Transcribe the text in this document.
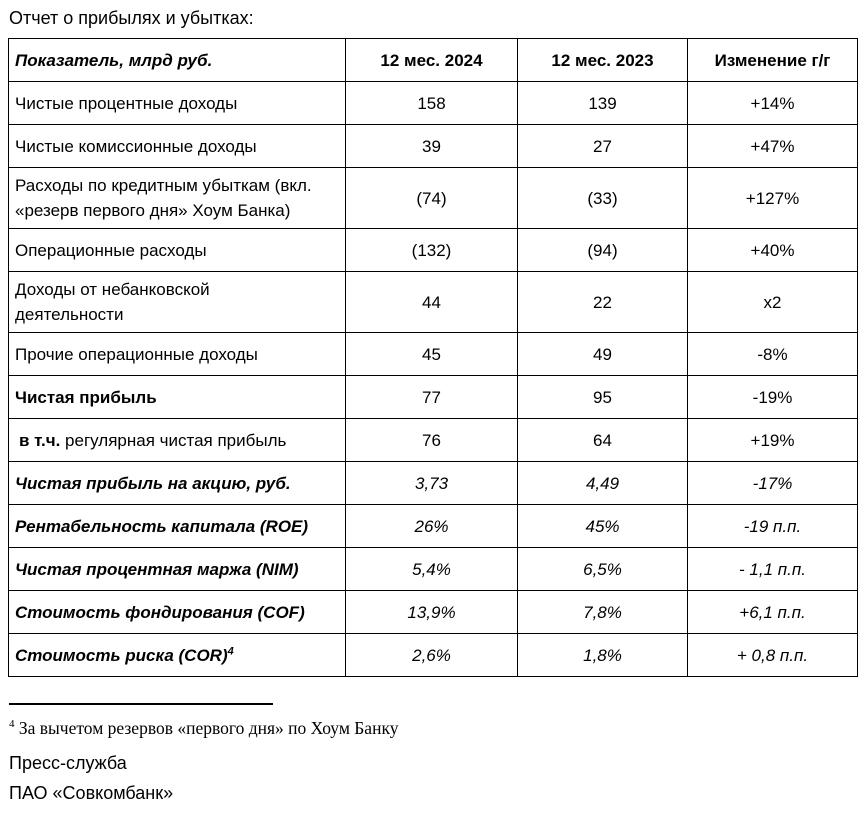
Отчет о прибылях и убытках:
Показатель, млрд руб.	12 мес. 2024	12 мес. 2023	Изменение г/г
Чистые процентные доходы	158	139	+14%
Чистые комиссионные доходы	39	27	+47%
Расходы по кредитным убыткам (вкл.
«резерв первого дня» Хоум Банка)	(74)	(33)	+127%
Операционные расходы	(132)	(94)	+40%
Доходы от небанковской
деятельности	44	22	x2
Прочие операционные доходы	45	49	-8%
Чистая прибыль	77	95	-19%
в т.ч. регулярная чистая прибыль	76	64	+19%
Чистая прибыль на акцию, руб.	3,73	4,49	-17%
Рентабельность капитала (ROE)	26%	45%	-19 п.п.
Чистая процентная маржа (NIM)	5,4%	6,5%	- 1,1 п.п.
Стоимость фондирования (COF)	13,9%	7,8%	+6,1 п.п.
Стоимость риска (COR)$^4$	2,6%	1,8%	+ 0,8 п.п.
$^4$ За вычетом резервов «первого дня» по Хоум Банку
Пресс-служба
ПАО «Совкомбанк»
